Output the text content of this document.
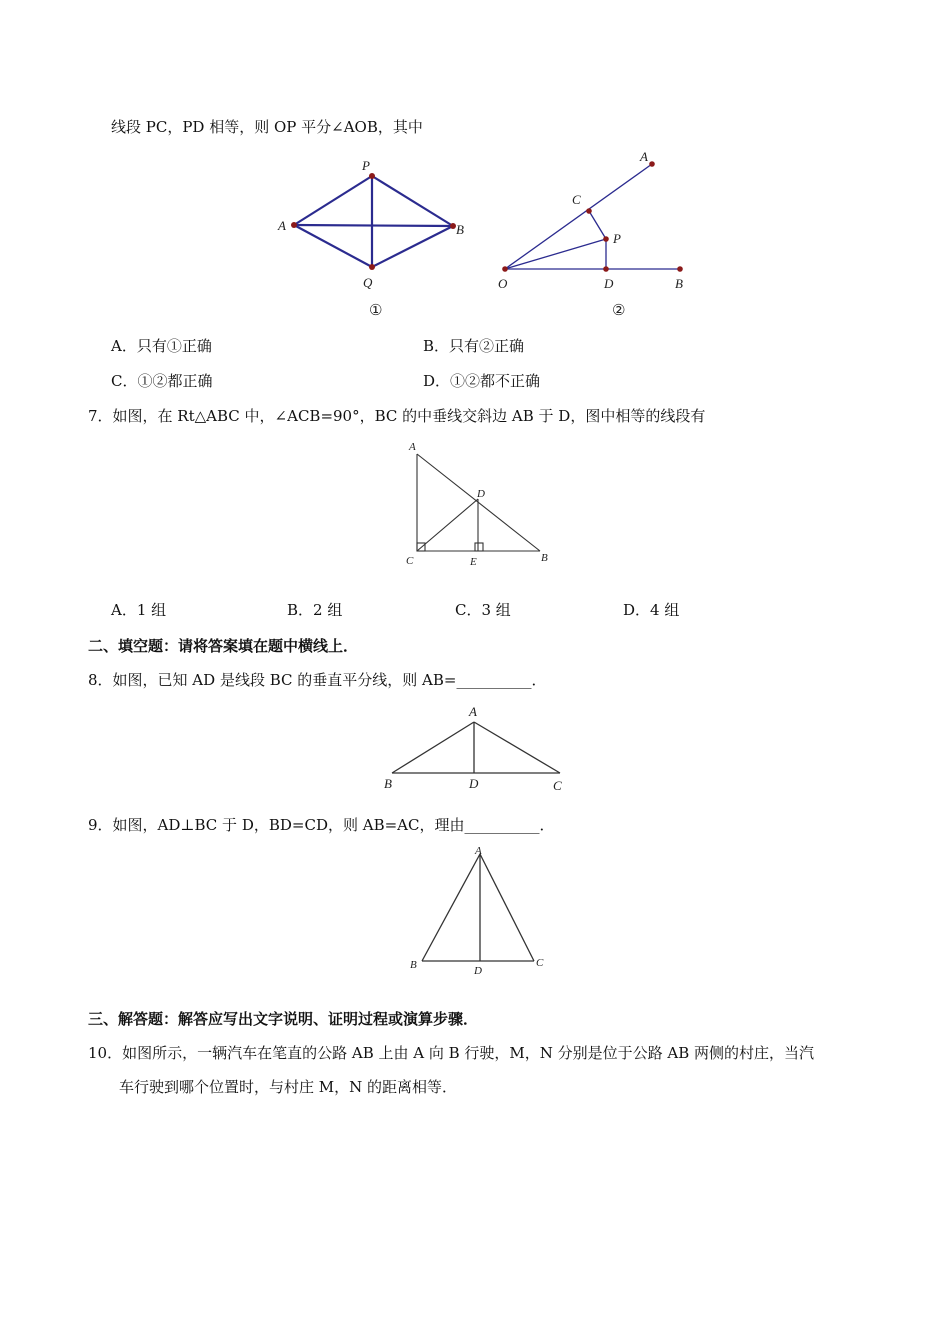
线段 PC，PD 相等，则 OP 平分∠AOB，其中
P
A	B
Q
①
A
C
P
O	D	B
②
A．只有①正确	B．只有②正确
C．①②都正确	D．①②都不正确
7．如图，在 Rt△ABC 中，∠ACB=90°，BC 的中垂线交斜边 AB 于 D，图中相等的线段有
A
D
C	E	B
A．1 组	B．2 组	C．3 组	D．4 组
二、填空题：请将答案填在题中横线上．
8．如图，已知 AD 是线段 BC 的垂直平分线，则 AB=__________．
A
B	D	C
9．如图，AD⊥BC 于 D，BD=CD，则 AB=AC，理由__________．
A
B	D
C
三、解答题：解答应写出文字说明、证明过程或演算步骤．
10．如图所示，一辆汽车在笔直的公路 AB 上由 A 向 B 行驶，M，N 分别是位于公路 AB 两侧的村庄，当汽
车行驶到哪个位置时，与村庄 M，N 的距离相等．
